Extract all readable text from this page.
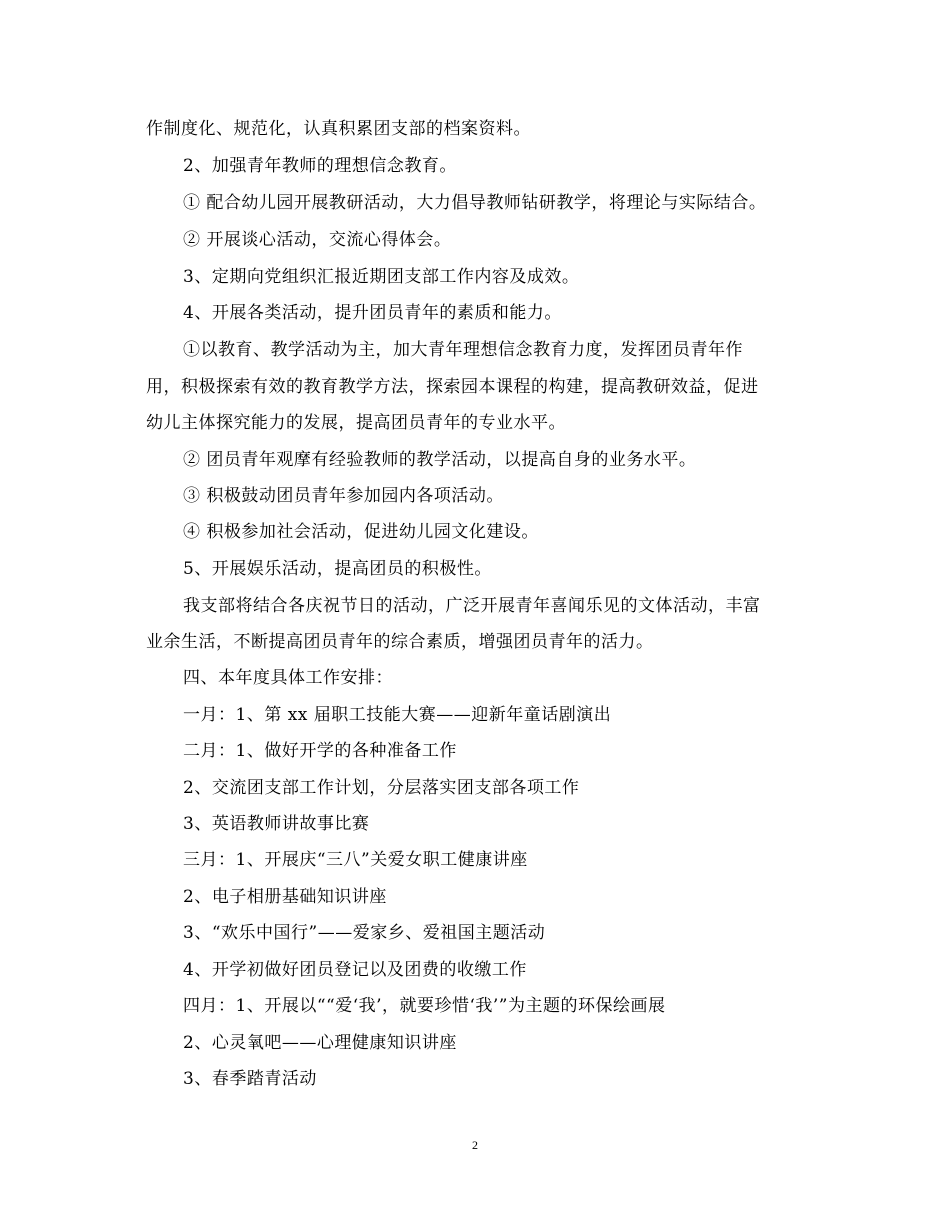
作制度化、规范化，认真积累团支部的档案资料。
2、加强青年教师的理想信念教育。
① 配合幼儿园开展教研活动，大力倡导教师钻研教学，将理论与实际结合。
② 开展谈心活动，交流心得体会。
3、定期向党组织汇报近期团支部工作内容及成效。
4、开展各类活动，提升团员青年的素质和能力。
①以教育、教学活动为主，加大青年理想信念教育力度，发挥团员青年作
用，积极探索有效的教育教学方法，探索园本课程的构建，提高教研效益，促进
幼儿主体探究能力的发展，提高团员青年的专业水平。
② 团员青年观摩有经验教师的教学活动，以提高自身的业务水平。
③ 积极鼓动团员青年参加园内各项活动。
④ 积极参加社会活动，促进幼儿园文化建设。
5、开展娱乐活动，提高团员的积极性。
我支部将结合各庆祝节日的活动，广泛开展青年喜闻乐见的文体活动，丰富
业余生活，不断提高团员青年的综合素质，增强团员青年的活力。
四、本年度具体工作安排：
一月：1、第 xx 届职工技能大赛——迎新年童话剧演出
二月：1、做好开学的各种准备工作
2、交流团支部工作计划，分层落实团支部各项工作
3、英语教师讲故事比赛
三月：1、开展庆“三八”关爱女职工健康讲座
2、电子相册基础知识讲座
3、“欢乐中国行”——爱家乡、爱祖国主题活动
4、开学初做好团员登记以及团费的收缴工作
四月：1、开展以““爱‘我’，就要珍惜‘我’”为主题的环保绘画展
2、心灵氧吧——心理健康知识讲座
3、春季踏青活动
2
